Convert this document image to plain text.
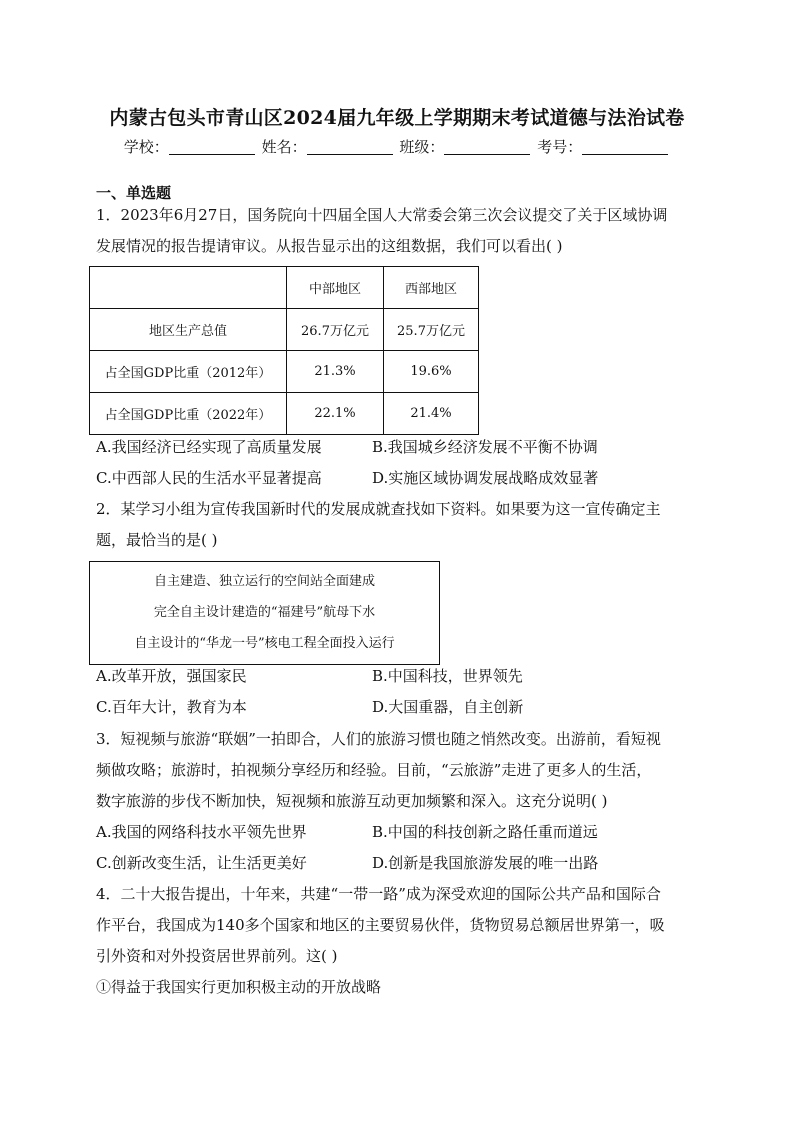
内蒙古包头市青山区2024届九年级上学期期末考试道德与法治试卷
学校：	姓名：	班级：	考号：
一、单选题
1．2023年6月27日，国务院向十四届全国人大常委会第三次会议提交了关于区域协调
发展情况的报告提请审议。从报告显示出的这组数据，我们可以看出( )
	中部地区	西部地区
地区生产总值	26.7万亿元	25.7万亿元
占全国GDP比重（2012年）	21.3%	19.6%
占全国GDP比重（2022年）	22.1%	21.4%
A.我国经济已经实现了高质量发展	B.我国城乡经济发展不平衡不协调
C.中西部人民的生活水平显著提高	D.实施区域协调发展战略成效显著
2．某学习小组为宣传我国新时代的发展成就查找如下资料。如果要为这一宣传确定主
题，最恰当的是( )
自主建造、独立运行的空间站全面建成
完全自主设计建造的“福建号”航母下水
自主设计的“华龙一号”核电工程全面投入运行
A.改革开放，强国家民	B.中国科技，世界领先
C.百年大计，教育为本	D.大国重器，自主创新
3．短视频与旅游“联姻”一拍即合，人们的旅游习惯也随之悄然改变。出游前，看短视
频做攻略；旅游时，拍视频分享经历和经验。目前，“云旅游”走进了更多人的生活，
数字旅游的步伐不断加快，短视频和旅游互动更加频繁和深入。这充分说明( )
A.我国的网络科技水平领先世界	B.中国的科技创新之路任重而道远
C.创新改变生活，让生活更美好	D.创新是我国旅游发展的唯一出路
4．二十大报告提出，十年来，共建“一带一路”成为深受欢迎的国际公共产品和国际合
作平台，我国成为140多个国家和地区的主要贸易伙伴，货物贸易总额居世界第一，吸
引外资和对外投资居世界前列。这( )
①得益于我国实行更加积极主动的开放战略
